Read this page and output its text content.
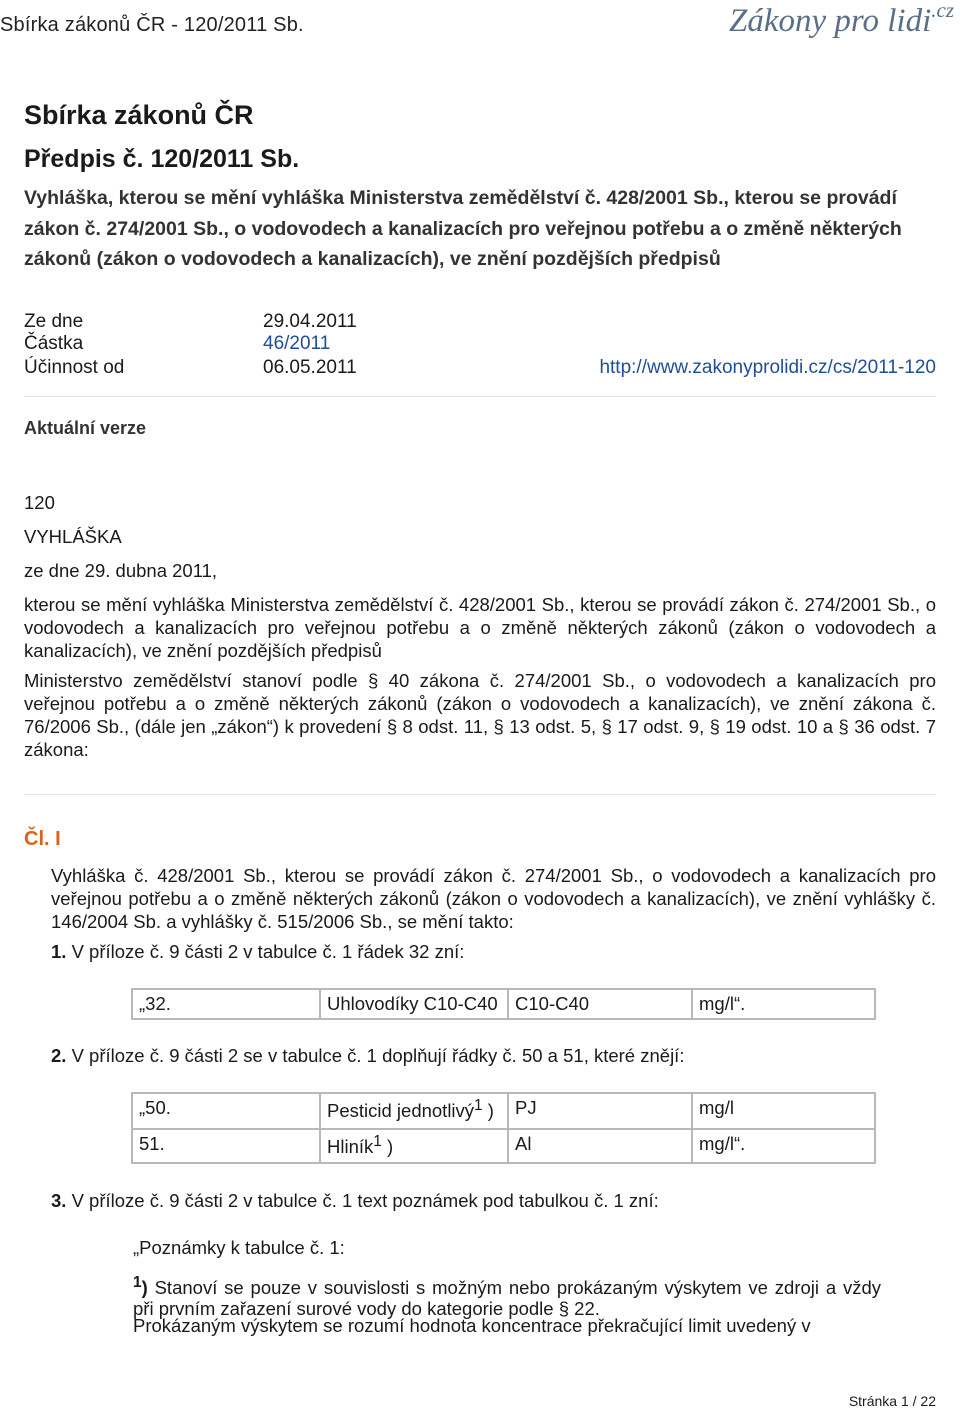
Sbírka zákonů ČR - 120/2011 Sb.	Zákony pro lidi$^{.cz}$
Sbírka zákonů ČR
Předpis č. 120/2011 Sb.
Vyhláška, kterou se mění vyhláška Ministerstva zemědělství č. 428/2001 Sb., kterou se provádí zákon č. 274/2001 Sb., o vodovodech a kanalizacích pro veřejnou potřebu a o změně některých zákonů (zákon o vodovodech a kanalizacích), ve znění pozdějších předpisů
Ze dne	29.04.2011
Částka	46/2011
Účinnost od	06.05.2011	http://www.zakonyprolidi.cz/cs/2011-120
Aktuální verze
120
VYHLÁŠKA
ze dne 29. dubna 2011,
kterou se mění vyhláška Ministerstva zemědělství č. 428/2001 Sb., kterou se provádí zákon č. 274/2001 Sb., o vodovodech a kanalizacích pro veřejnou potřebu a o změně některých zákonů (zákon o vodovodech a kanalizacích), ve znění pozdějších předpisů
Ministerstvo zemědělství stanoví podle § 40 zákona č. 274/2001 Sb., o vodovodech a kanalizacích pro veřejnou potřebu a o změně některých zákonů (zákon o vodovodech a kanalizacích), ve znění zákona č. 76/2006 Sb., (dále jen „zákon“) k provedení § 8 odst. 11, § 13 odst. 5, § 17 odst. 9, § 19 odst. 10 a § 36 odst. 7 zákona:
Čl. I
Vyhláška č. 428/2001 Sb., kterou se provádí zákon č. 274/2001 Sb., o vodovodech a kanalizacích pro veřejnou potřebu a o změně některých zákonů (zákon o vodovodech a kanalizacích), ve znění vyhlášky č. 146/2004 Sb. a vyhlášky č. 515/2006 Sb., se mění takto:
1. V příloze č. 9 části 2 v tabulce č. 1 řádek 32 zní:
„32.	Uhlovodíky C10-C40	C10-C40	mg/l“.
2. V příloze č. 9 části 2 se v tabulce č. 1 doplňují řádky č. 50 a 51, které znějí:
„50.	Pesticid jednotlivý$^1$ )	PJ	mg/l
51.	Hliník$^1$ )	Al	mg/l“.
3. V příloze č. 9 části 2 v tabulce č. 1 text poznámek pod tabulkou č. 1 zní:
„Poznámky k tabulce č. 1:
$^1$) Stanoví se pouze v souvislosti s možným nebo prokázaným výskytem ve zdroji a vždy při prvním zařazení surové vody do kategorie podle § 22.
Prokázaným výskytem se rozumí hodnota koncentrace překračující limit uvedený v
Stránka 1 / 22
